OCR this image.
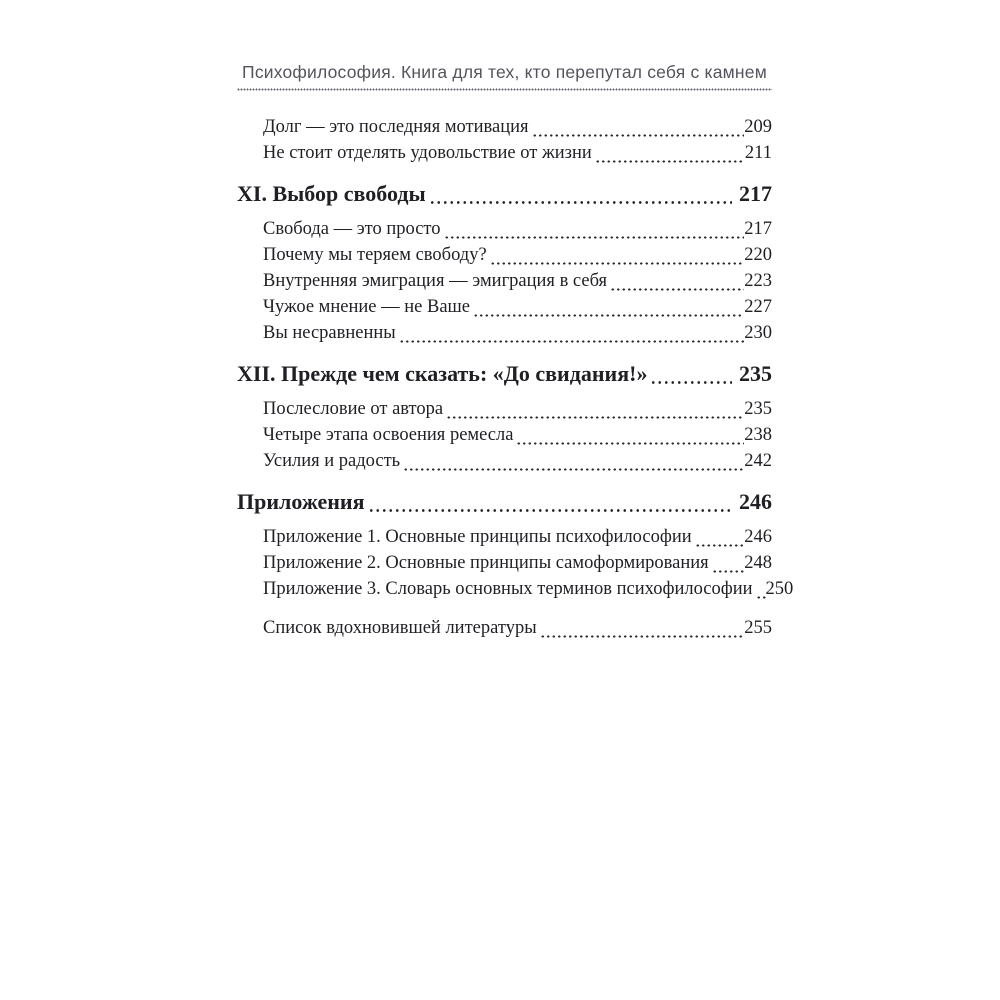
Психофилософия. Книга для тех, кто перепутал себя с камнем
Долг — это последняя мотивация	209
Не стоит отделять удовольствие от жизни	211
XI. Выбор свободы	217
Свобода — это просто	217
Почему мы теряем свободу?	220
Внутренняя эмиграция — эмиграция в себя	223
Чужое мнение — не Ваше	227
Вы несравненны	230
XII. Прежде чем сказать: «До свидания!»	235
Послесловие от автора	235
Четыре этапа освоения ремесла	238
Усилия и радость	242
Приложения	246
Приложение 1. Основные принципы психофилософии	246
Приложение 2. Основные принципы самоформирования 248
Приложение 3. Словарь основных терминов психофилософии 250
Список вдохновившей литературы	255
